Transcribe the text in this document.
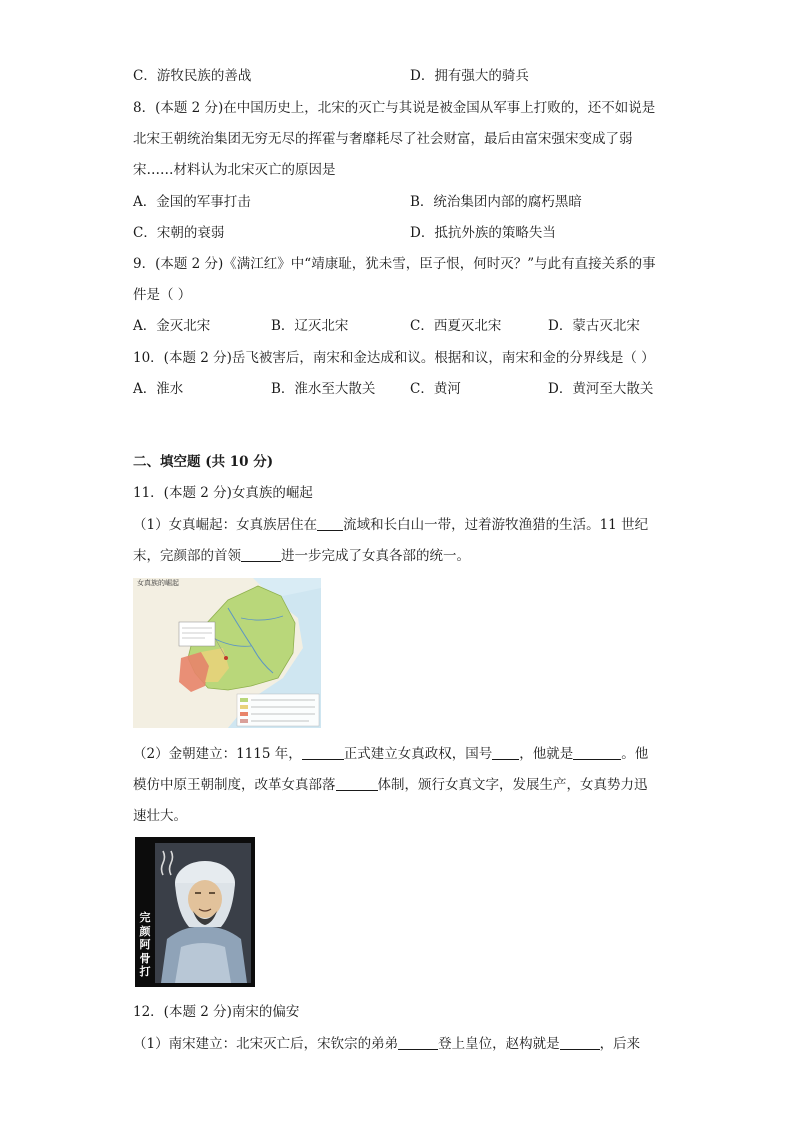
C．游牧民族的善战	D．拥有强大的骑兵
8．(本题 2 分)在中国历史上，北宋的灭亡与其说是被金国从军事上打败的，还不如说是
北宋王朝统治集团无穷无尽的挥霍与奢靡耗尽了社会财富，最后由富宋强宋变成了弱
宋……材料认为北宋灭亡的原因是
A．金国的军事打击	B．统治集团内部的腐朽黑暗
C．宋朝的衰弱	D．抵抗外族的策略失当
9．(本题 2 分)《满江红》中“靖康耻，犹未雪，臣子恨，何时灭？”与此有直接关系的事
件是（ ）
A．金灭北宋	B．辽灭北宋	C．西夏灭北宋	D．蒙古灭北宋
10．(本题 2 分)岳飞被害后，南宋和金达成和议。根据和议，南宋和金的分界线是（ ）
A．淮水	B．淮水至大散关	C．黄河	D．黄河至大散关
二、填空题 (共 10 分)
11．(本题 2 分)女真族的崛起
（1）女真崛起：女真族居住在 流域和长白山一带，过着游牧渔猎的生活。11 世纪
末，完颜部的首领	进一步完成了女真各部的统一。
女真族的崛起
（2）金朝建立：1115 年，	正式建立女真政权，国号 ，他就是	。他
模仿中原王朝制度，改革女真部落	体制，颁行女真文字，发展生产，女真势力迅
速壮大。
完颜阿骨打
12．(本题 2 分)南宋的偏安
（1）南宋建立：北宋灭亡后，宋钦宗的弟弟	登上皇位，赵构就是	，后来
